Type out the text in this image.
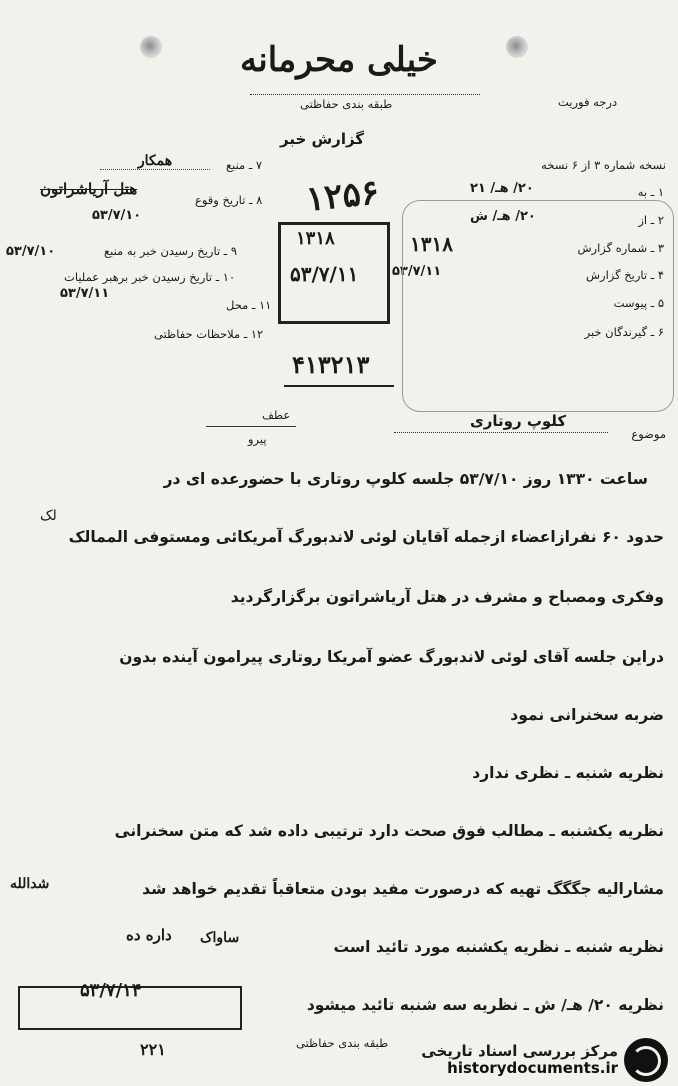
خیلی محرمانه
طبقه بندی حفاظتی	درجه فوریت
گزارش خبر
نسخه شماره ۳ از ۶ نسخه
۷ ـ منبع
همکار
۱ ـ به
۲۰/ هـ/ ۲۱
هتل آریاشراتون
۲ ـ از
۲۰/ هـ/ ش
۸ ـ تاریخ وقوع
۵۳/۷/۱۰
۳ ـ شماره گزارش
۱۳۱۸
۹ ـ تاریخ رسیدن خبر به منبع
۵۳/۷/۱۰
۴ ـ تاریخ گزارش
۵۳/۷/۱۱
۱۰ ـ تاریخ رسیدن خبر برهبر عملیات
۵۳/۷/۱۱
۵ ـ پیوست
۱۱ ـ محل
۶ ـ گیرندگان خبر
۱۲ ـ ملاحظات حفاظتی
۴۱۳۲۱۳
۱۳۱۸
۵۳/۷/۱۱
۱۲۵۶
موضوع
کلوپ روتاری
عطف
پیرو
ساعت ۱۳۳۰ روز ۵۳/۷/۱۰ جلسه کلوپ روتاری با حضورعده ای در
لک
حدود ۶۰ نفرازاعضاء ازجمله آقایان لوئی لاندبورگ آمریکائی ومستوفی الممالک
وفکری ومصباح و مشرف در هتل آریاشراتون برگزارگردید
دراین جلسه آقای لوئی لاندبورگ عضو آمریکا روتاری پیرامون آینده بدون
ضربه سخنرانی نمود
نظریه شنبه ـ نظری ندارد
نظریه یکشنبه ـ مطالب فوق صحت دارد ترتیبی داده شد که متن سخنرانی
مشارالیه جگگگ تهیه که درصورت مفید بودن متعاقباً تقدیم خواهد شد
شدالله
نظریه شنبه ـ نظریه یکشنبه مورد تائید است
ساواک
داره ده
نظریه ۲۰/ هـ/ ش ـ نظریه سه شنبه تائید میشود
۵۳/۷/۱۴
طبقه بندی حفاظتی
۲۲۱	مرکز بررسی اسناد تاریخی
historydocuments.ir
